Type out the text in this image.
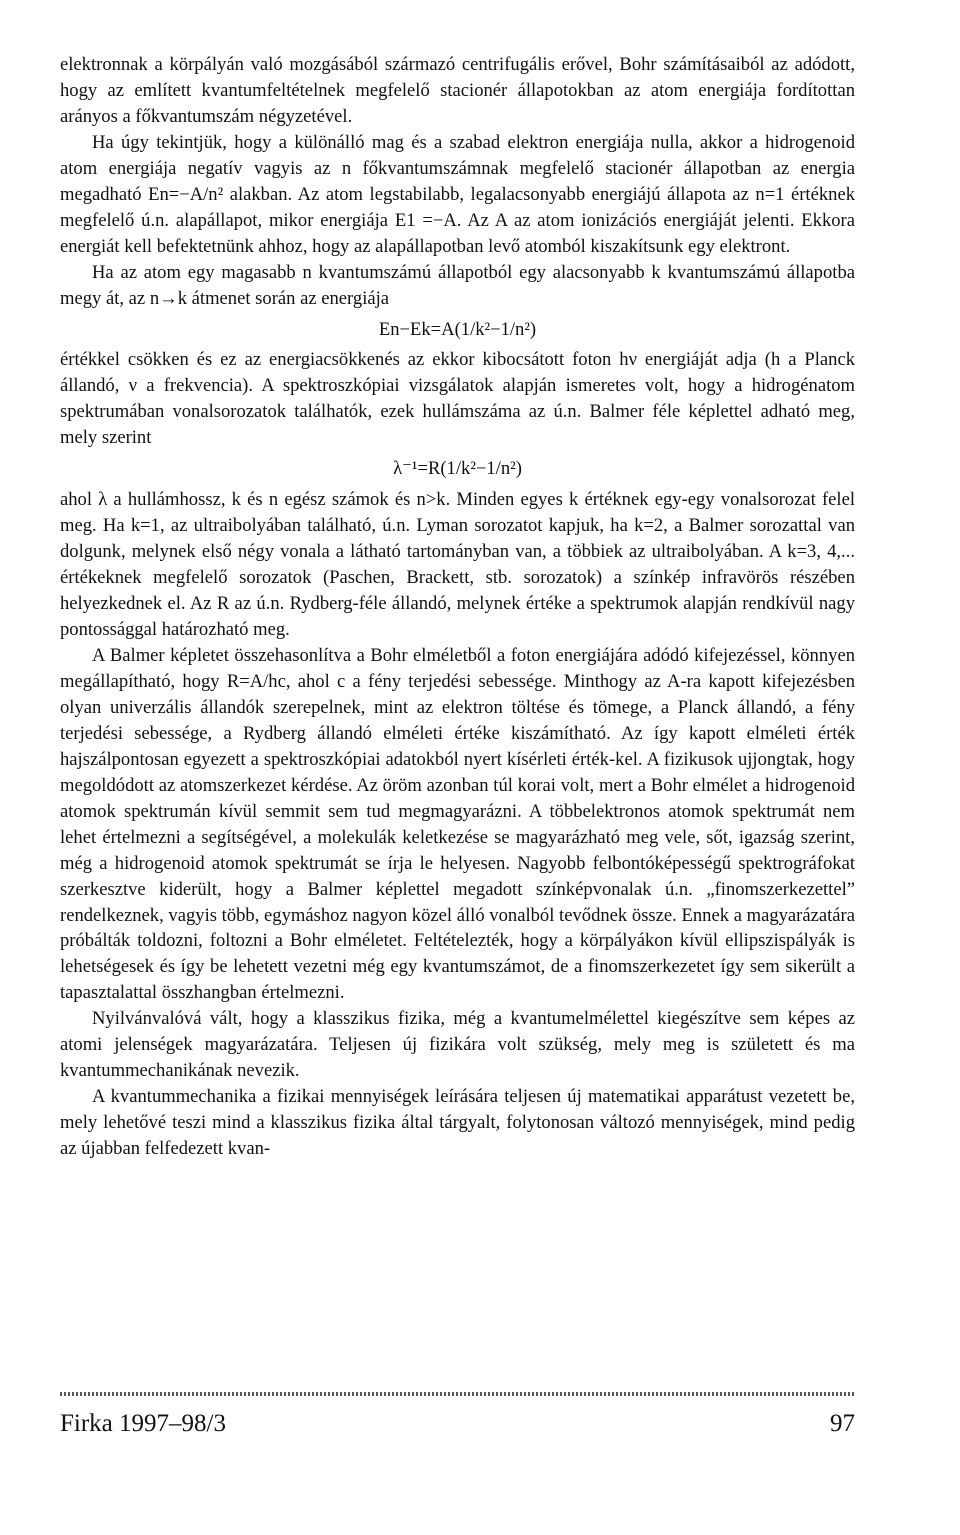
elektronnak a körpályán való mozgásából származó centrifugális erővel, Bohr számításaiból az adódott, hogy az említett kvantumfeltételnek megfelelő stacionér állapotokban az atom energiája fordítottan arányos a főkvantumszám négyzetével.

Ha úgy tekintjük, hogy a különálló mag és a szabad elektron energiája nulla, akkor a hidrogenoid atom energiája negatív vagyis az n főkvantumszámnak megfelelő stacionér állapotban az energia megadható En=−A/n² alakban. Az atom legstabilabb, legalacsonyabb energiájú állapota az n=1 értéknek megfelelő ú.n. alapállapot, mikor energiája E1 =−A. Az A az atom ionizációs energiáját jelenti. Ekkora energiát kell befektetnünk ahhoz, hogy az alapállapotban levő atomból kiszakítsunk egy elektront.

Ha az atom egy magasabb n kvantumszámú állapotból egy alacsonyabb k kvantumszámú állapotba megy át, az n→k átmenet során az energiája

En−Ek=A(1/k²−1/n²)

értékkel csökken és ez az energiacsökkenés az ekkor kibocsátott foton hν energiáját adja (h a Planck állandó, ν a frekvencia). A spektroszkópiai vizsgálatok alapján ismeretes volt, hogy a hidrogénatom spektrumában vonalsorozatok találhatók, ezek hullámszáma az ú.n. Balmer féle képlettel adható meg, mely szerint

λ⁻¹=R(1/k²−1/n²)

ahol λ a hullámhossz, k és n egész számok és n>k. Minden egyes k értéknek egy-egy vonalsorozat felel meg. Ha k=1, az ultraibolyában található, ú.n. Lyman sorozatot kapjuk, ha k=2, a Balmer sorozattal van dolgunk, melynek első négy vonala a látható tartományban van, a többiek az ultraibolyában. A k=3, 4,... értékeknek megfelelő sorozatok (Paschen, Brackett, stb. sorozatok) a színkép infravörös részében helyezkednek el. Az R az ú.n. Rydberg-féle állandó, melynek értéke a spektrumok alapján rendkívül nagy pontossággal határozható meg.

A Balmer képletet összehasonlítva a Bohr elméletből a foton energiájára adódó kifejezéssel, könnyen megállapítható, hogy R=A/hc, ahol c a fény terjedési sebessége. Minthogy az A-ra kapott kifejezésben olyan univerzális állandók szerepelnek, mint az elektron töltése és tömege, a Planck állandó, a fény terjedési sebessége, a Rydberg állandó elméleti értéke kiszámítható. Az így kapott elméleti érték hajszálpontosan egyezett a spektroszkópiai adatokból nyert kísérleti érték-kel. A fizikusok ujjongtak, hogy megoldódott az atomszerkezet kérdése. Az öröm azonban túl korai volt, mert a Bohr elmélet a hidrogenoid atomok spektrumán kívül semmit sem tud megmagyarázni. A többelektronos atomok spektrumát nem lehet értelmezni a segítségével, a molekulák keletkezése se magyarázható meg vele, sőt, igazság szerint, még a hidrogenoid atomok spektrumát se írja le helyesen. Nagyobb felbontóképességű spektrográfokat szerkesztve kiderült, hogy a Balmer képlettel megadott színképvonalak ú.n. „finomszerkezettel” rendelkeznek, vagyis több, egymáshoz nagyon közel álló vonalból tevődnek össze. Ennek a magyarázatára próbálták toldozni, foltozni a Bohr elméletet. Feltételezték, hogy a körpályákon kívül ellipszispályák is lehetségesek és így be lehetett vezetni még egy kvantumszámot, de a finomszerkezetet így sem sikerült a tapasztalattal összhangban értelmezni.

Nyilvánvalóvá vált, hogy a klasszikus fizika, még a kvantumelmélettel kiegészítve sem képes az atomi jelenségek magyarázatára. Teljesen új fizikára volt szükség, mely meg is született és ma kvantummechanikának nevezik.

A kvantummechanika a fizikai mennyiségek leírására teljesen új matematikai apparátust vezetett be, mely lehetővé teszi mind a klasszikus fizika által tárgyalt, folytonosan változó mennyiségek, mind pedig az újabban felfedezett kvan-

Firka 1997–98/3	97
